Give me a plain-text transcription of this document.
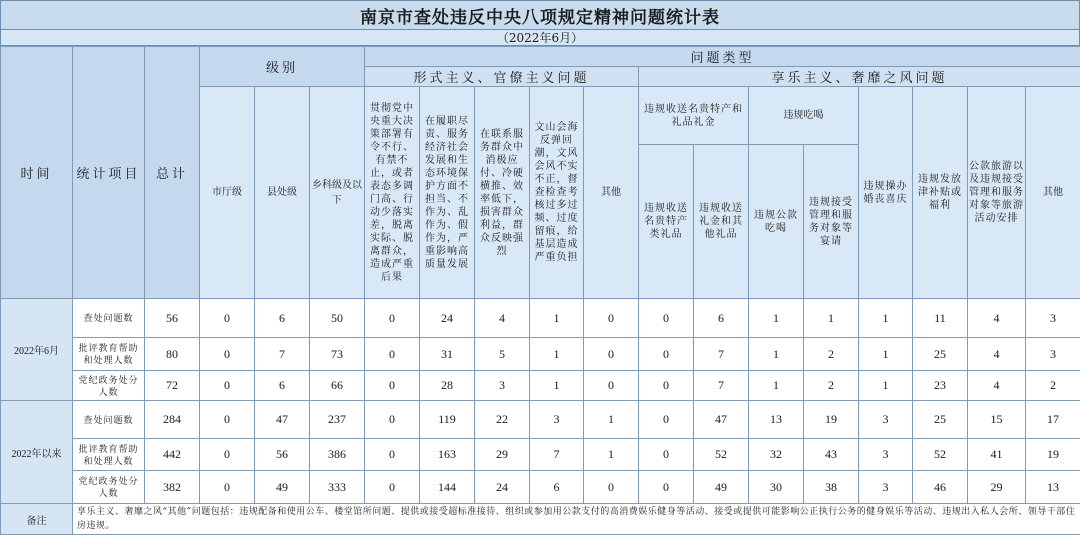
南京市查处违反中央八项规定精神问题统计表
（2022年6月）
时间	统计项目	总计	级别			问题类型												
						形式主义、官僚主义问题					享乐主义、奢靡之风问题							
			市厅级	县处级	乡科级及以下	贯彻党中央重大决策部署有令不行、有禁不止，或者表态多调门高、行动少落实差，脱离实际、脱离群众，造成严重后果	在履职尽责、服务经济社会发展和生态环境保护方面不担当、不作为、乱作为、假作为，严重影响高质量发展	在联系服务群众中消极应付、冷硬横推、效率低下，损害群众利益，群众反映强烈	文山会海反弹回潮，文风会风不实不正，督查检查考核过多过频、过度留痕，给基层造成严重负担	其他	违规收送名贵特产和礼品礼金		违规吃喝		违规操办婚丧喜庆	违规发放津补贴或福利	公款旅游以及违规接受管理和服务对象等旅游活动安排	其他
											违规收送名贵特产类礼品	违规收送礼金和其他礼品	违规公款吃喝	违规接受管理和服务对象等宴请				
2022年6月	查处问题数	56	0	6	50	0	24	4	1	0	0	6	1	1	1	11	4	3
	批评教育帮助和处理人数	80	0	7	73	0	31	5	1	0	0	7	1	2	1	25	4	3
	党纪政务处分人数	72	0	6	66	0	28	3	1	0	0	7	1	2	1	23	4	2
2022年以来	查处问题数	284	0	47	237	0	119	22	3	1	0	47	13	19	3	25	15	17
	批评教育帮助和处理人数	442	0	56	386	0	163	29	7	1	0	52	32	43	3	52	41	19
	党纪政务处分人数	382	0	49	333	0	144	24	6	0	0	49	30	38	3	46	29	13
备注	享乐主义、奢靡之风“其他”问题包括：违规配备和使用公车、楼堂馆所问题、提供或接受超标准接待、组织或参加用公款支付的高消费娱乐健身等活动、接受或提供可能影响公正执行公务的健身娱乐等活动、违规出入私人会所、领导干部住房违规。																	
